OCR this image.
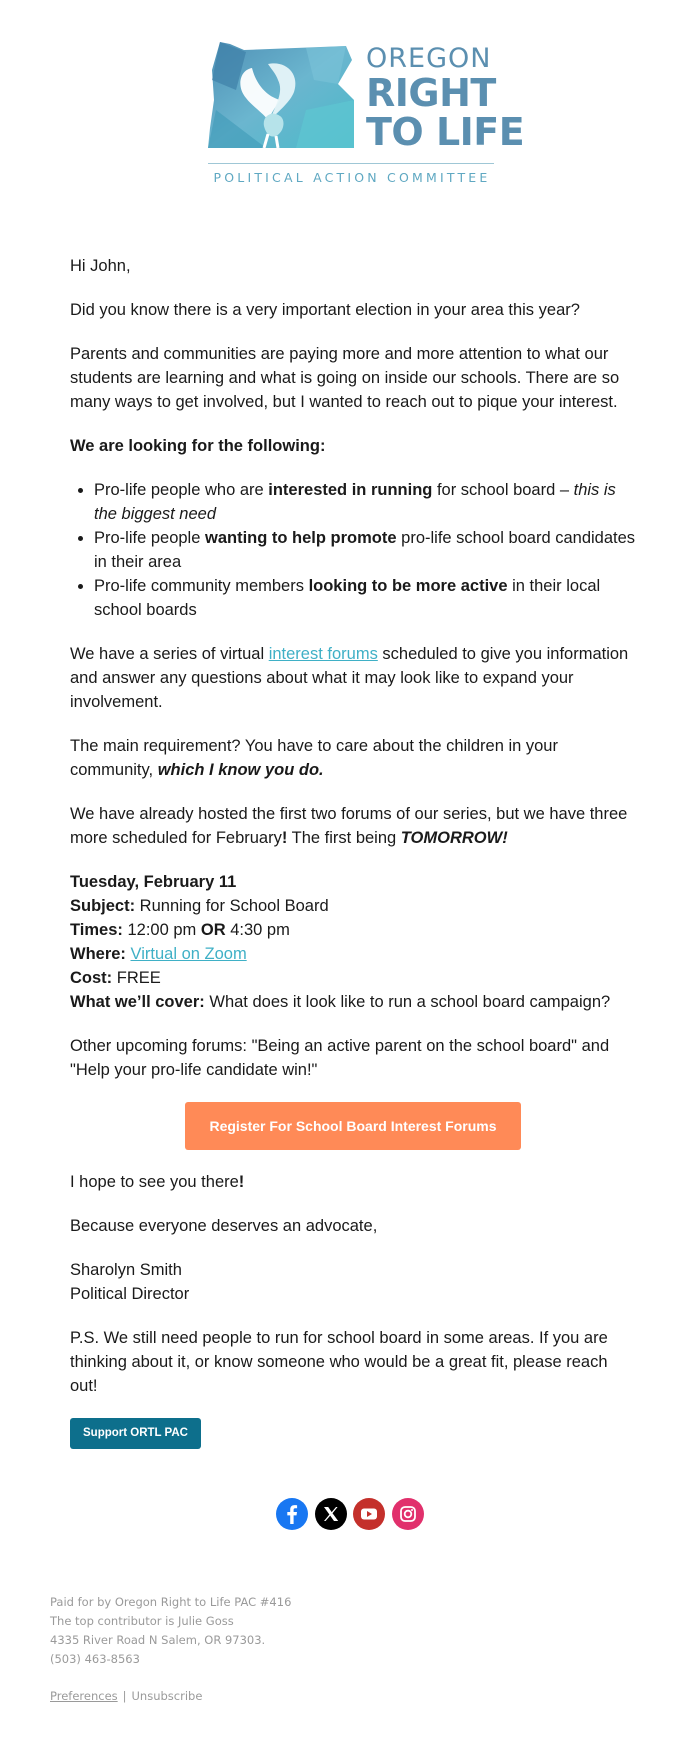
OREGON
RIGHT
TO LIFE
POLITICAL ACTION COMMITTEE

Hi John,

Did you know there is a very important election in your area this year?

Parents and communities are paying more and more attention to what our students are learning and what is going on inside our schools. There are so many ways to get involved, but I wanted to reach out to pique your interest.

We are looking for the following:

• Pro-life people who are interested in running for school board – this is the biggest need
• Pro-life people wanting to help promote pro-life school board candidates in their area
• Pro-life community members looking to be more active in their local school boards

We have a series of virtual interest forums scheduled to give you information and answer any questions about what it may look like to expand your involvement.

The main requirement? You have to care about the children in your community, which I know you do.

We have already hosted the first two forums of our series, but we have three more scheduled for February! The first being TOMORROW!

Tuesday, February 11

Subject: Running for School Board

Times: 12:00 pm OR 4:30 pm

Where: Virtual on Zoom

Cost: FREE

What we’ll cover: What does it look like to run a school board campaign?

Other upcoming forums: "Being an active parent on the school board" and "Help your pro-life candidate win!"

Register For School Board Interest Forums

I hope to see you there!

Because everyone deserves an advocate,

Sharolyn Smith
Political Director

P.S. We still need people to run for school board in some areas. If you are thinking about it, or know someone who would be a great fit, please reach out!

Support ORTL PAC

Paid for by Oregon Right to Life PAC #416

The top contributor is Julie Goss

4335 River Road N Salem, OR 97303.

(503) 463-8563

Preferences | Unsubscribe
